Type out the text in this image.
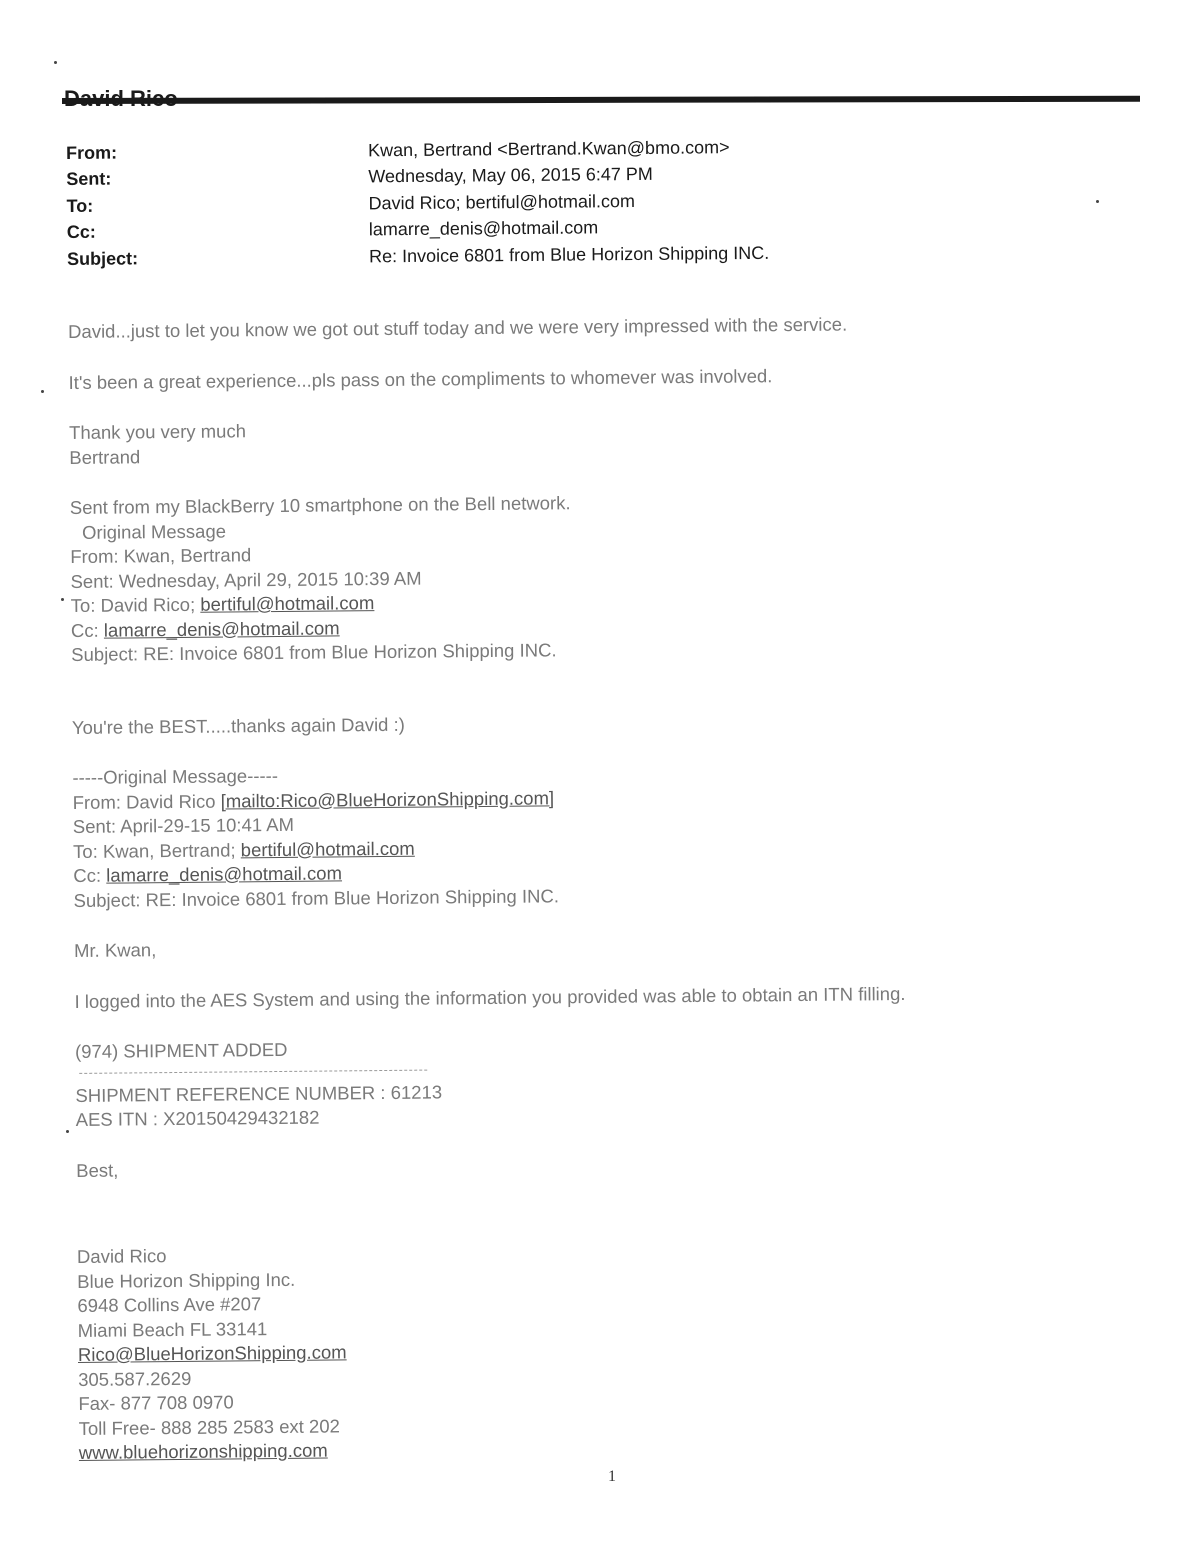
From:	Kwan, Bertrand <Bertrand.Kwan@bmo.com>
Sent:	Wednesday, May 06, 2015 6:47 PM
To:	David Rico; bertiful@hotmail.com
Cc:	lamarre_denis@hotmail.com
Subject:	Re: Invoice 6801 from Blue Horizon Shipping INC.
David...just to let you know we got out stuff today and we were very impressed with the service.
It's been a great experience...pls pass on the compliments to whomever was involved.
Thank you very much
Bertrand
Sent from my BlackBerry 10 smartphone on the Bell network.
Original Message
From: Kwan, Bertrand
Sent: Wednesday, April 29, 2015 10:39 AM
To: David Rico; bertiful@hotmail.com
Cc: lamarre_denis@hotmail.com
Subject: RE: Invoice 6801 from Blue Horizon Shipping INC.
You're the BEST.....thanks again David :)
-----Original Message-----
From: David Rico [mailto:Rico@BlueHorizonShipping.com]
Sent: April-29-15 10:41 AM
To: Kwan, Bertrand; bertiful@hotmail.com
Cc: lamarre_denis@hotmail.com
Subject: RE: Invoice 6801 from Blue Horizon Shipping INC.
Mr. Kwan,
I logged into the AES System and using the information you provided was able to obtain an ITN filling.
(974) SHIPMENT ADDED
SHIPMENT REFERENCE NUMBER : 61213
AES ITN : X20150429432182
Best,
David Rico
Blue Horizon Shipping Inc.
6948 Collins Ave #207
Miami Beach FL 33141
Rico@BlueHorizonShipping.com
305.587.2629
Fax- 877 708 0970
Toll Free- 888 285 2583 ext 202
www.bluehorizonshipping.com
1
